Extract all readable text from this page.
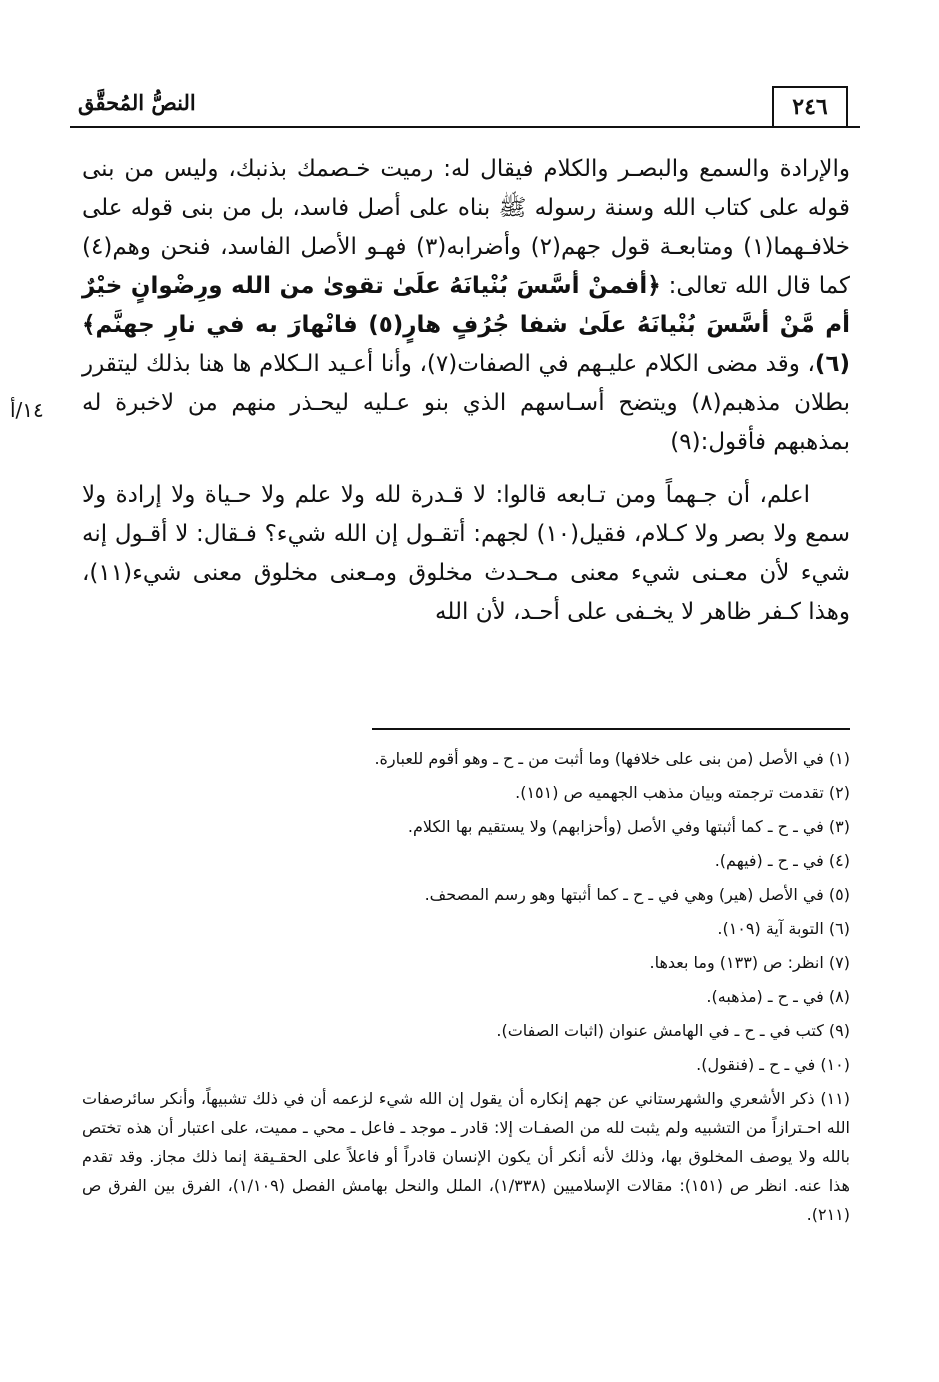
٢٤٦
النصُّ المُحقَّق
١٤/أ

والإرادة والسمع والبصـر والكلام فيقال له: رميت خـصمك بذنبك، وليس من بنى قوله على كتاب الله وسنة رسوله ﷺ بناه على أصل فاسد، بل من بنى قوله على خلافـهما(١) ومتابعـة قول جهم(٢) وأضرابه(٣) فهـو الأصل الفاسد، فنحن وهم(٤) كما قال الله تعالى: ﴿أفمنْ أسَّسَ بُنْيانَهُ علَىٰ تقوىٰ من الله ورِضْوانٍ خيْرٌ أم مَّنْ أسَّسَ بُنْيانَهُ علَىٰ شفا جُرُفٍ هارٍ(٥) فانْهارَ به في نارِ جهنَّم﴾(٦)، وقد مضى الكلام عليـهم في الصفات(٧)، وأنا أعـيد الـكلام ها هنا بذلك ليتقرر بطلان مذهبم(٨) ويتضح أسـاسهم الذي بنو عـليه ليحـذر منهم من لاخبرة له بمذهبهم فأقول:(٩)

اعلم، أن جـهماً ومن تـابعه قالوا: لا قـدرة لله ولا علم ولا حـياة ولا إرادة ولا سمع ولا بصر ولا كـلام، فقيل(١٠) لجهم: أتقـول إن الله شيء؟ فـقال: لا أقـول إنه شيء لأن معـنى شيء معنى مـحـدث مخلوق ومـعنى مخلوق معنى شيء(١١)، وهذا كـفر ظاهر لا يخـفى على أحـد، لأن الله

(١) في الأصل (من بنى على خلافها) وما أثبت من ـ ح ـ وهو أقوم للعبارة.

(٢) تقدمت ترجمته وبيان مذهب الجهميه ص (١٥١).

(٣) في ـ ح ـ كما أثبتها وفي الأصل (وأحزابهم) ولا يستقيم بها الكلام.

(٤) في ـ ح ـ (فيهم).

(٥) في الأصل (هير) وهي في ـ ح ـ كما أثبتها وهو رسم المصحف.

(٦) التوبة آية (١٠٩).

(٧) انظر: ص (١٣٣) وما بعدها.

(٨) في ـ ح ـ (مذهبه).

(٩) كتب في ـ ح ـ في الهامش عنوان (اثبات الصفات).

(١٠) في ـ ح ـ (فنقول).

(١١) ذكر الأشعري والشهرستاني عن جهم إنكاره أن يقول إن الله شيء لزعمه أن في ذلك تشبيهاً، وأنكر سائرصفات الله احـترازاً من التشبيه ولم يثبت لله من الصفـات إلا: قادر ـ موجد ـ فاعل ـ محي ـ مميت، على اعتبار أن هذه تختص بالله ولا يوصف المخلوق بها، وذلك لأنه أنكر أن يكون الإنسان قادراً أو فاعلاً على الحقـيقة إنما ذلك مجاز. وقد تقدم هذا عنه. انظر ص (١٥١): مقالات الإسلاميين (١/٣٣٨)، الملل والنحل بهامش الفصل (١/١٠٩)، الفرق بين الفرق ص (٢١١).
